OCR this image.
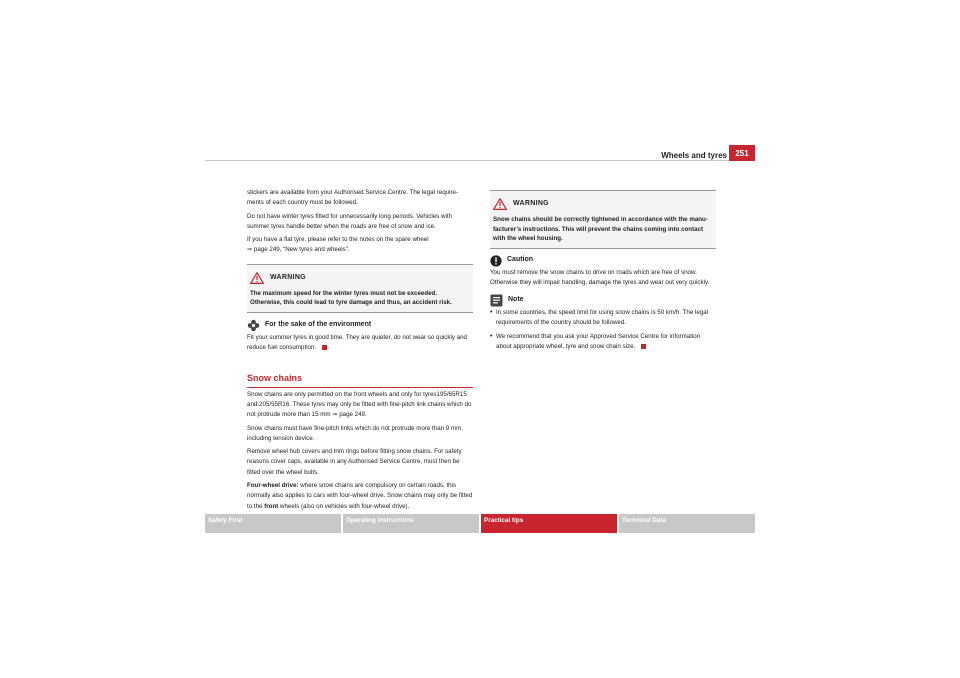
Wheels and tyres	251

stickers are available from your Authorised Service Centre. The legal require-ments of each country must be followed.

Do not have winter tyres fitted for unnecessarily long periods. Vehicles with summer tyres handle better when the roads are free of snow and ice.

If you have a flat tyre, please refer to the notes on the spare wheel
⇒ page 249, “New tyres and wheels”.

WARNING
The maximum speed for the winter tyres must not be exceeded. Otherwise, this could lead to tyre damage and thus, an accident risk.
For the sake of the environment

Fit your summer tyres in good time. They are quieter, do not wear so quickly and reduce fuel consumption.

Snow chains

Snow chains are only permitted on the front wheels and only for tyres195/65R15 and 205/55R16. These tyres may only be fitted with fine-pitch link chains which do not protrude more than 15 mm ⇒ page 249.

Snow chains must have fine-pitch links which do not protrude more than 9 mm, including tension device.

Remove wheel hub covers and trim rings before fitting snow chains. For safety reasons cover caps, available in any Authorised Service Centre, must then be fitted over the wheel bolts.

Four-wheel drive: where snow chains are compulsory on certain roads, this normally also applies to cars with four-wheel drive. Snow chains may only be fitted to the front wheels (also on vehicles with four-wheel drive).

WARNING
Snow chains should be correctly tightened in accordance with the manu-facturer’s instructions. This will prevent the chains coming into contact with the wheel housing.
Caution

You must remove the snow chains to drive on roads which are free of snow. Otherwise they will impair handling, damage the tyres and wear out very quickly.

Note
• In some countries, the speed limit for using snow chains is 50 km/h. The legal requirements of the country should be followed.
• We recommend that you ask your Approved Service Centre for information about appropriate wheel, tyre and snow chain size.
Safety First	Operating instructions	Practical tips	Technical Data
